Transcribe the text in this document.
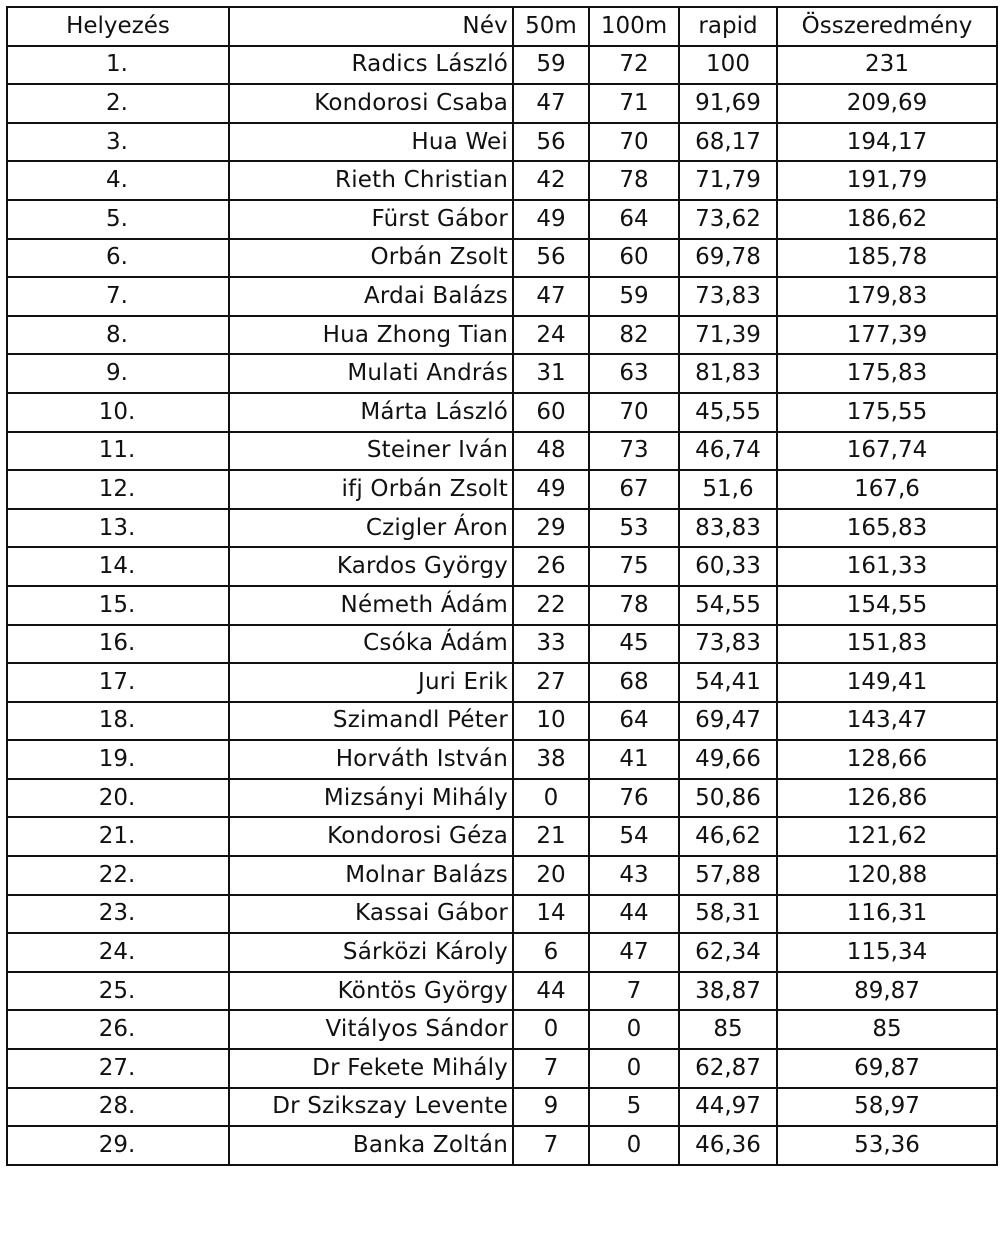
Helyezés	Név	50m	100m	rapid	Összeredmény
1.	Radics László	59	72	100	231
2.	Kondorosi Csaba	47	71	91,69	209,69
3.	Hua Wei	56	70	68,17	194,17
4.	Rieth Christian	42	78	71,79	191,79
5.	Fürst Gábor	49	64	73,62	186,62
6.	Orbán Zsolt	56	60	69,78	185,78
7.	Ardai Balázs	47	59	73,83	179,83
8.	Hua Zhong Tian	24	82	71,39	177,39
9.	Mulati András	31	63	81,83	175,83
10.	Márta László	60	70	45,55	175,55
11.	Steiner Iván	48	73	46,74	167,74
12.	ifj Orbán Zsolt	49	67	51,6	167,6
13.	Czigler Áron	29	53	83,83	165,83
14.	Kardos György	26	75	60,33	161,33
15.	Németh Ádám	22	78	54,55	154,55
16.	Csóka Ádám	33	45	73,83	151,83
17.	Juri Erik	27	68	54,41	149,41
18.	Szimandl Péter	10	64	69,47	143,47
19.	Horváth István	38	41	49,66	128,66
20.	Mizsányi Mihály	0	76	50,86	126,86
21.	Kondorosi Géza	21	54	46,62	121,62
22.	Molnar Balázs	20	43	57,88	120,88
23.	Kassai Gábor	14	44	58,31	116,31
24.	Sárközi Károly	6	47	62,34	115,34
25.	Köntös György	44	7	38,87	89,87
26.	Vitályos Sándor	0	0	85	85
27.	Dr Fekete Mihály	7	0	62,87	69,87
28.	Dr Szikszay Levente	9	5	44,97	58,97
29.	Banka Zoltán	7	0	46,36	53,36
